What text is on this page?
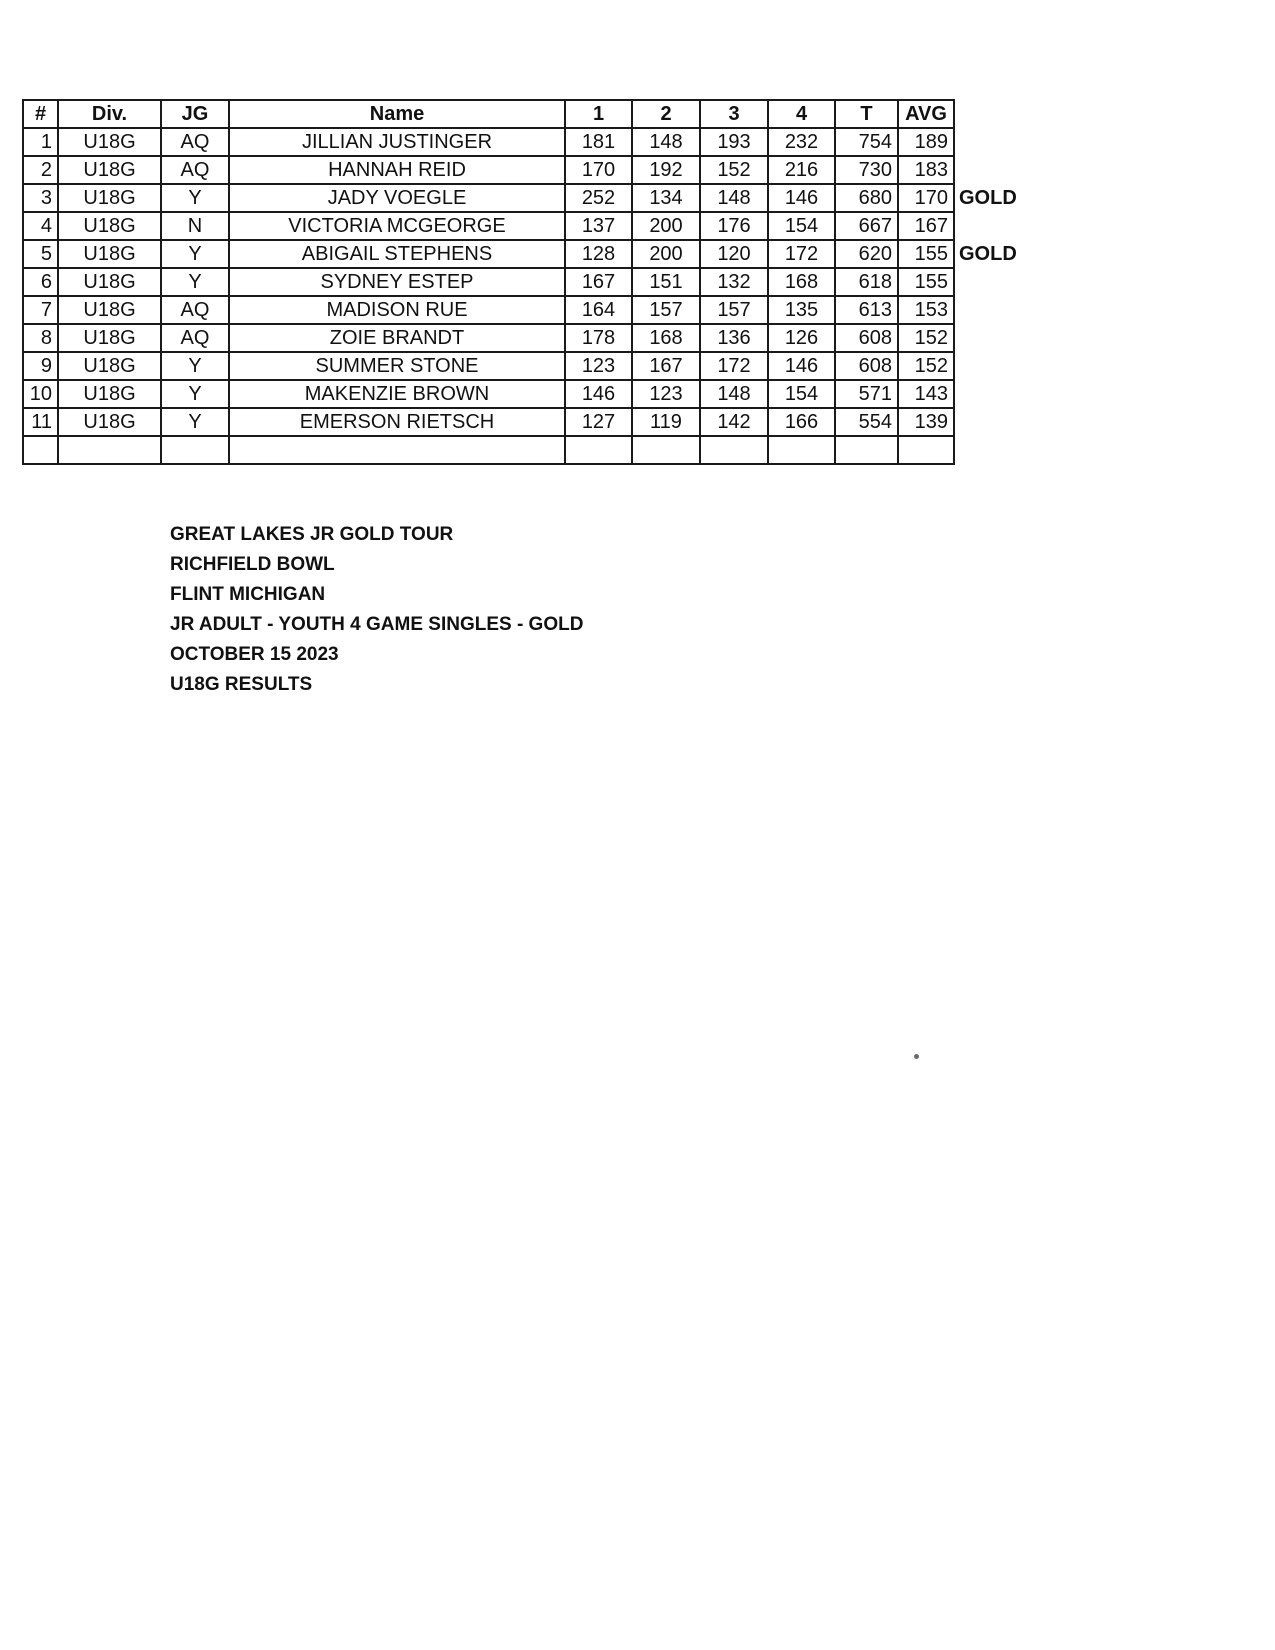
#	Div.	JG	Name	1	2	3	4	T	AVG	
1	U18G	AQ	JILLIAN JUSTINGER	181	148	193	232	754	189	
2	U18G	AQ	HANNAH REID	170	192	152	216	730	183	
3	U18G	Y	JADY VOEGLE	252	134	148	146	680	170	GOLD
4	U18G	N	VICTORIA MCGEORGE	137	200	176	154	667	167	
5	U18G	Y	ABIGAIL STEPHENS	128	200	120	172	620	155	GOLD
6	U18G	Y	SYDNEY ESTEP	167	151	132	168	618	155	
7	U18G	AQ	MADISON RUE	164	157	157	135	613	153	
8	U18G	AQ	ZOIE BRANDT	178	168	136	126	608	152	
9	U18G	Y	SUMMER STONE	123	167	172	146	608	152	
10	U18G	Y	MAKENZIE BROWN	146	123	148	154	571	143	
11	U18G	Y	EMERSON RIETSCH	127	119	142	166	554	139	

GREAT LAKES JR GOLD TOUR
RICHFIELD BOWL
FLINT MICHIGAN
JR ADULT - YOUTH 4 GAME SINGLES - GOLD
OCTOBER 15 2023
U18G RESULTS
